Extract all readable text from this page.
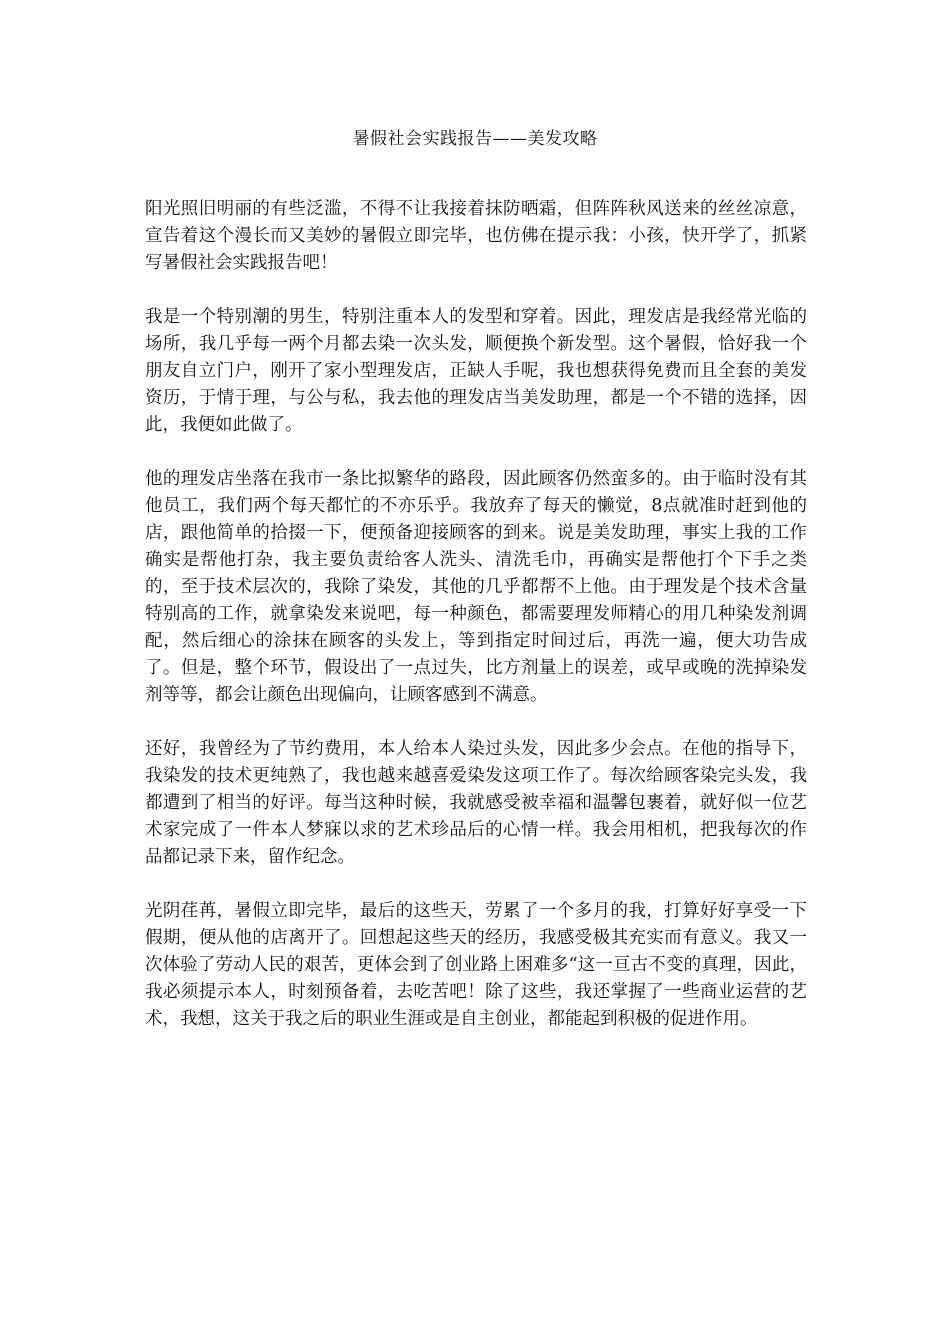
暑假社会实践报告——美发攻略

阳光照旧明丽的有些泛滥，不得不让我接着抹防晒霜，但阵阵秋风送来的丝丝凉意，宣告着这个漫长而又美妙的暑假立即完毕，也仿佛在提示我：小孩，快开学了，抓紧写暑假社会实践报告吧！

我是一个特别潮的男生，特别注重本人的发型和穿着。因此，理发店是我经常光临的场所，我几乎每一两个月都去染一次头发，顺便换个新发型。这个暑假，恰好我一个朋友自立门户，刚开了家小型理发店，正缺人手呢，我也想获得免费而且全套的美发资历，于情于理，与公与私，我去他的理发店当美发助理，都是一个不错的选择，因此，我便如此做了。

他的理发店坐落在我市一条比拟繁华的路段，因此顾客仍然蛮多的。由于临时没有其他员工，我们两个每天都忙的不亦乐乎。我放弃了每天的懒觉，8点就准时赶到他的店，跟他简单的拾掇一下，便预备迎接顾客的到来。说是美发助理，事实上我的工作确实是帮他打杂，我主要负责给客人洗头、清洗毛巾，再确实是帮他打个下手之类的，至于技术层次的，我除了染发，其他的几乎都帮不上他。由于理发是个技术含量特别高的工作，就拿染发来说吧，每一种颜色，都需要理发师精心的用几种染发剂调配，然后细心的涂抹在顾客的头发上，等到指定时间过后，再洗一遍，便大功告成了。但是，整个环节，假设出了一点过失，比方剂量上的误差，或早或晚的洗掉染发剂等等，都会让颜色出现偏向，让顾客感到不满意。

还好，我曾经为了节约费用，本人给本人染过头发，因此多少会点。在他的指导下，我染发的技术更纯熟了，我也越来越喜爱染发这项工作了。每次给顾客染完头发，我都遭到了相当的好评。每当这种时候，我就感受被幸福和温馨包裹着，就好似一位艺术家完成了一件本人梦寐以求的艺术珍品后的心情一样。我会用相机，把我每次的作品都记录下来，留作纪念。

光阴荏苒，暑假立即完毕，最后的这些天，劳累了一个多月的我，打算好好享受一下假期，便从他的店离开了。回想起这些天的经历，我感受极其充实而有意义。我又一次体验了劳动人民的艰苦，更体会到了创业路上困难多“这一亘古不变的真理，因此，我必须提示本人，时刻预备着，去吃苦吧！除了这些，我还掌握了一些商业运营的艺术，我想，这关于我之后的职业生涯或是自主创业，都能起到积极的促进作用。
